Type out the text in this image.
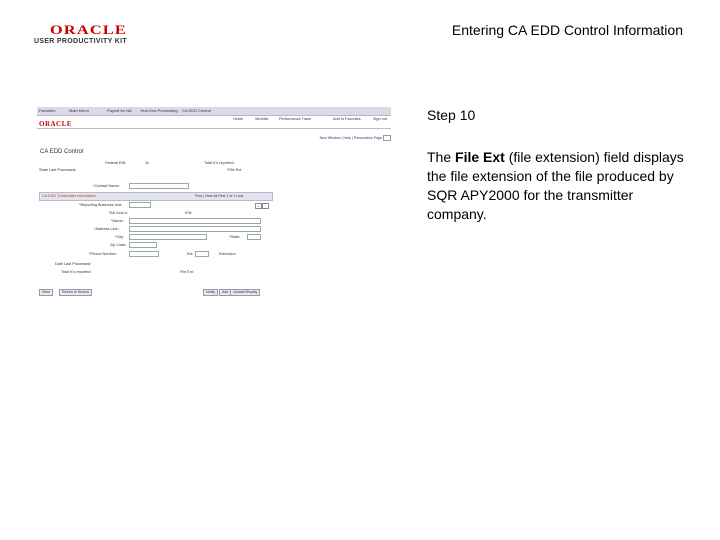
ORACLE
USER PRODUCTIVITY KIT
Entering CA EDD Control Information
Favorites	Main Menu	Payroll for NA Year-End Processing CA EDD Control
ORACLE
Home	Worklist	Performance Trace	Add to Favorites	Sign out
New Window | Help | Personalize Page
CA EDD Control
Federal EIN:	11	Total K's reported:
State Last Processed:	*File Ext:
*Contact Name:
CA EDD Transmitter Information	Find | View All First 1 of 1 Last
+	-
*Reporting Business Unit:
SUI Acct #:	EIN:
*Name:
*Address Line:
*City:	*State:
Zip Code:
*Phone Number:	Ext:	Extension
Date Last Processed:
Total K's reported:	File Ext:
Save	Return to Search	Notify	Add	Update/Display
Step 10
The File Ext (file extension) field displays the file extension of the file produced by SQR APY2000 for the transmitter company.
